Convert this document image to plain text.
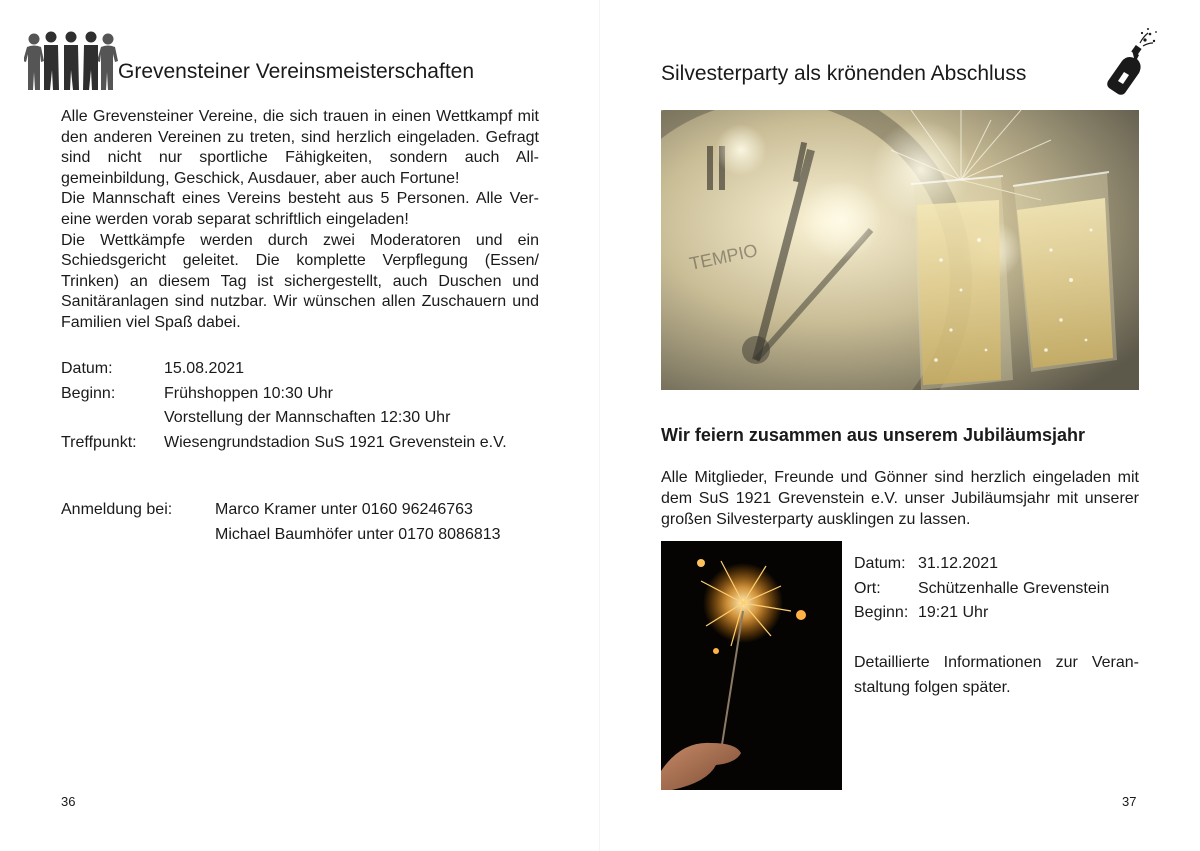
Grevensteiner Vereinsmeisterschaften

Alle Grevensteiner Vereine, die sich trauen in einen Wettkampf mit den anderen Vereinen zu treten, sind herzlich eingeladen. Gefragt sind nicht nur sportliche Fähigkeiten, sondern auch Allgemeinbildung, Geschick, Ausdauer, aber auch Fortune!
Die Mannschaft eines Vereins besteht aus 5 Personen. Alle Vereine werden vorab separat schriftlich eingeladen!
Die Wettkämpfe werden durch zwei Moderatoren und ein Schiedsgericht geleitet. Die komplette Verpflegung (Essen/ Trinken) an diesem Tag ist sichergestellt, auch Duschen und Sanitäranlagen sind nutzbar. Wir wünschen allen Zuschauern und Familien viel Spaß dabei.

Datum:	15.08.2021
Beginn:	Frühshoppen 10:30 Uhr
Vorstellung der Mannschaften 12:30 Uhr
Treffpunkt:	Wiesengrundstadion SuS 1921 Grevenstein e.V.
Anmeldung bei:	Marco Kramer unter 0160 96246763
Michael Baumhöfer unter 0170 8086813
36
Silvesterparty als krönenden Abschluss
TEMPIO
Wir feiern zusammen aus unserem Jubiläumsjahr

Alle Mitglieder, Freunde und Gönner sind herzlich eingeladen mit dem SuS 1921 Grevenstein e.V. unser Jubiläumsjahr mit unserer großen Silvesterparty ausklingen zu lassen.

Datum: 31.12.2021
Ort:	Schützenhalle Grevenstein
Beginn: 19:21 Uhr

Detaillierte Informationen zur Veranstaltung folgen später.

37
